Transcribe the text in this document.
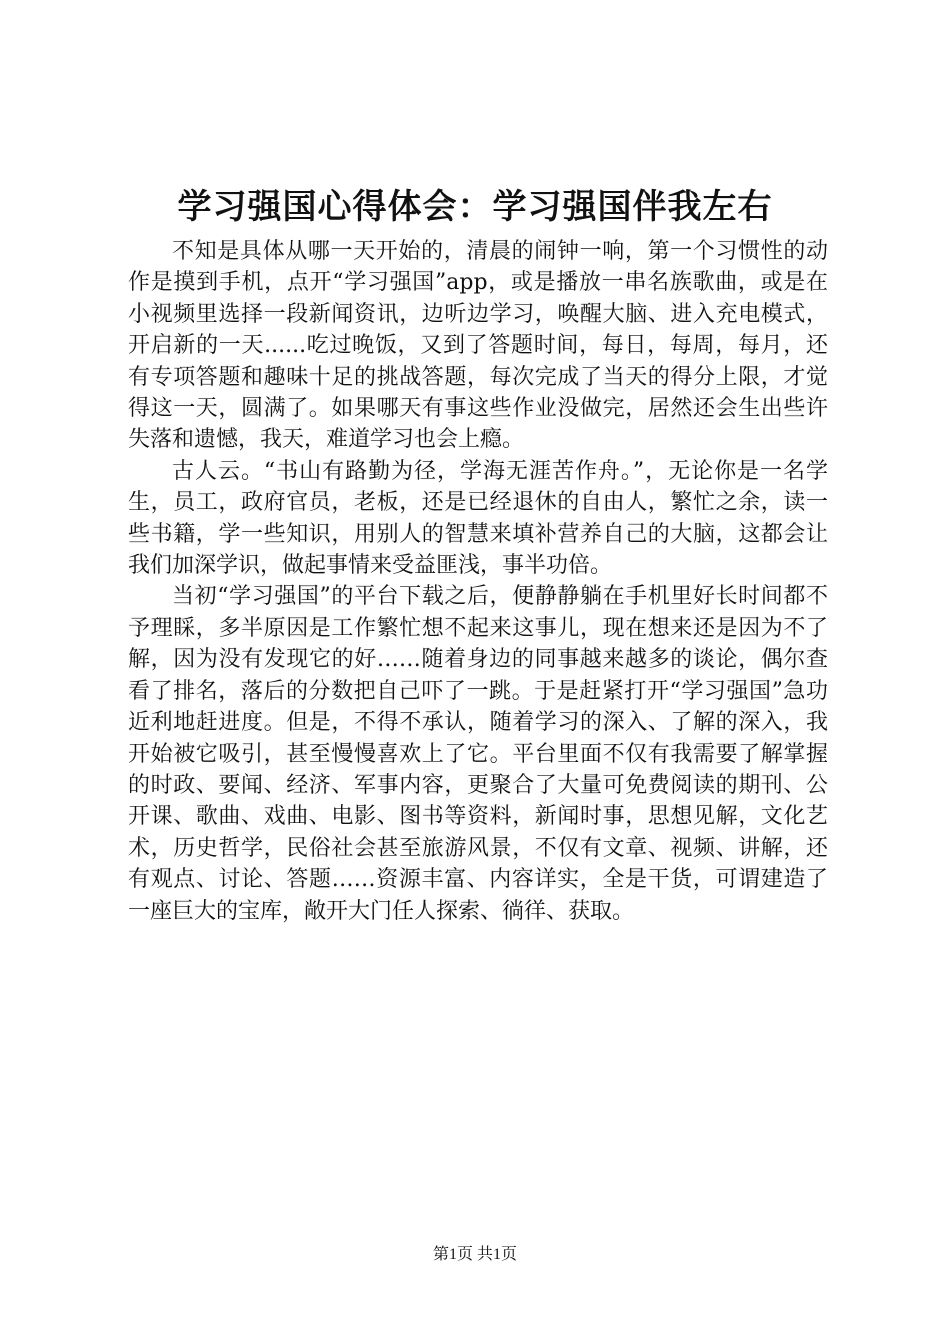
学习强国心得体会：学习强国伴我左右

不知是具体从哪一天开始的，清晨的闹钟一响，第一个习惯性的动作是摸到手机，点开“学习强国”app，或是播放一串名族歌曲，或是在小视频里选择一段新闻资讯，边听边学习，唤醒大脑、进入充电模式，开启新的一天......吃过晚饭，又到了答题时间，每日，每周，每月，还有专项答题和趣味十足的挑战答题，每次完成了当天的得分上限，才觉得这一天，圆满了。如果哪天有事这些作业没做完，居然还会生出些许失落和遗憾，我天，难道学习也会上瘾。

古人云。“书山有路勤为径，学海无涯苦作舟。”，无论你是一名学生，员工，政府官员，老板，还是已经退休的自由人，繁忙之余，读一些书籍，学一些知识，用别人的智慧来填补营养自己的大脑，这都会让我们加深学识，做起事情来受益匪浅，事半功倍。

当初“学习强国”的平台下载之后，便静静躺在手机里好长时间都不予理睬，多半原因是工作繁忙想不起来这事儿，现在想来还是因为不了解，因为没有发现它的好……随着身边的同事越来越多的谈论，偶尔查看了排名，落后的分数把自己吓了一跳。于是赶紧打开“学习强国”急功近利地赶进度。但是，不得不承认，随着学习的深入、了解的深入，我开始被它吸引，甚至慢慢喜欢上了它。平台里面不仅有我需要了解掌握的时政、要闻、经济、军事内容，更聚合了大量可免费阅读的期刊、公开课、歌曲、戏曲、电影、图书等资料，新闻时事，思想见解，文化艺术，历史哲学，民俗社会甚至旅游风景，不仅有文章、视频、讲解，还有观点、讨论、答题……资源丰富、内容详实，全是干货，可谓建造了一座巨大的宝库，敞开大门任人探索、徜徉、获取。

第1页 共1页
